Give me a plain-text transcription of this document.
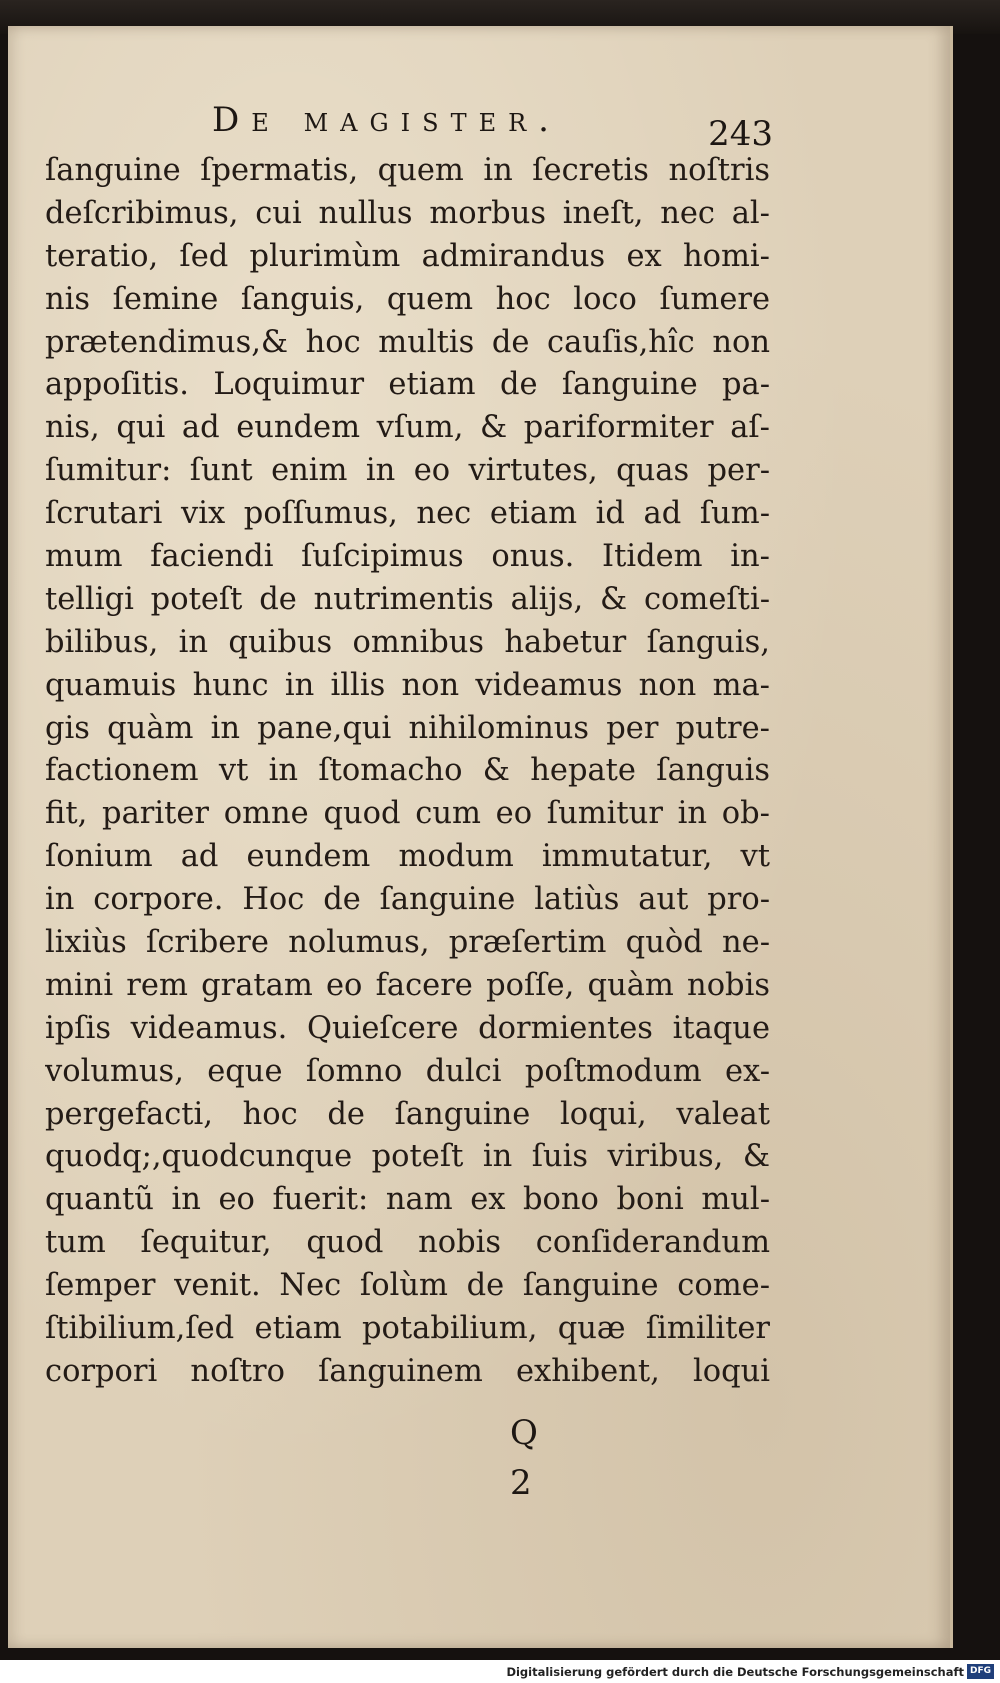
De magister.	243
ſanguine ſpermatis, quem in ſecretis noſtris
deſcribimus, cui nullus morbus ineſt, nec al-
teratio, ſed plurimùm admirandus ex homi-
nis ſemine ſanguis, quem hoc loco ſumere
prætendimus,& hoc multis de cauſis,hîc non
appoſitis. Loquimur etiam de ſanguine pa-
nis, qui ad eundem vſum, & pariformiter aſ-
ſumitur: ſunt enim in eo virtutes, quas per-
ſcrutari vix poſſumus, nec etiam id ad ſum-
mum faciendi ſuſcipimus onus. Itidem in-
telligi poteſt de nutrimentis alijs, & comeſti-
bilibus, in quibus omnibus habetur ſanguis,
quamuis hunc in illis non videamus non ma-
gis quàm in pane,qui nihilominus per putre-
factionem vt in ſtomacho & hepate ſanguis
fit, pariter omne quod cum eo ſumitur in ob-
ſonium ad eundem modum immutatur, vt
in corpore. Hoc de ſanguine latiùs aut pro-
lixiùs ſcribere nolumus, præſertim quòd ne-
mini rem gratam eo facere poſſe, quàm nobis
ipſis videamus. Quieſcere dormientes itaque
volumus, eque ſomno dulci poſtmodum ex-
pergefacti, hoc de ſanguine loqui, valeat
quodq;,quodcunque poteſt in ſuis viribus, &
quantũ in eo fuerit: nam ex bono boni mul-
tum ſequitur, quod nobis conſiderandum
ſemper venit. Nec ſolùm de ſanguine come-
ſtibilium,ſed etiam potabilium, quæ ſimiliter
corpori noſtro ſanguinem exhibent, loqui
Q 2
Digitalisierung gefördert durch die Deutsche Forschungsgemeinschaft DFG
